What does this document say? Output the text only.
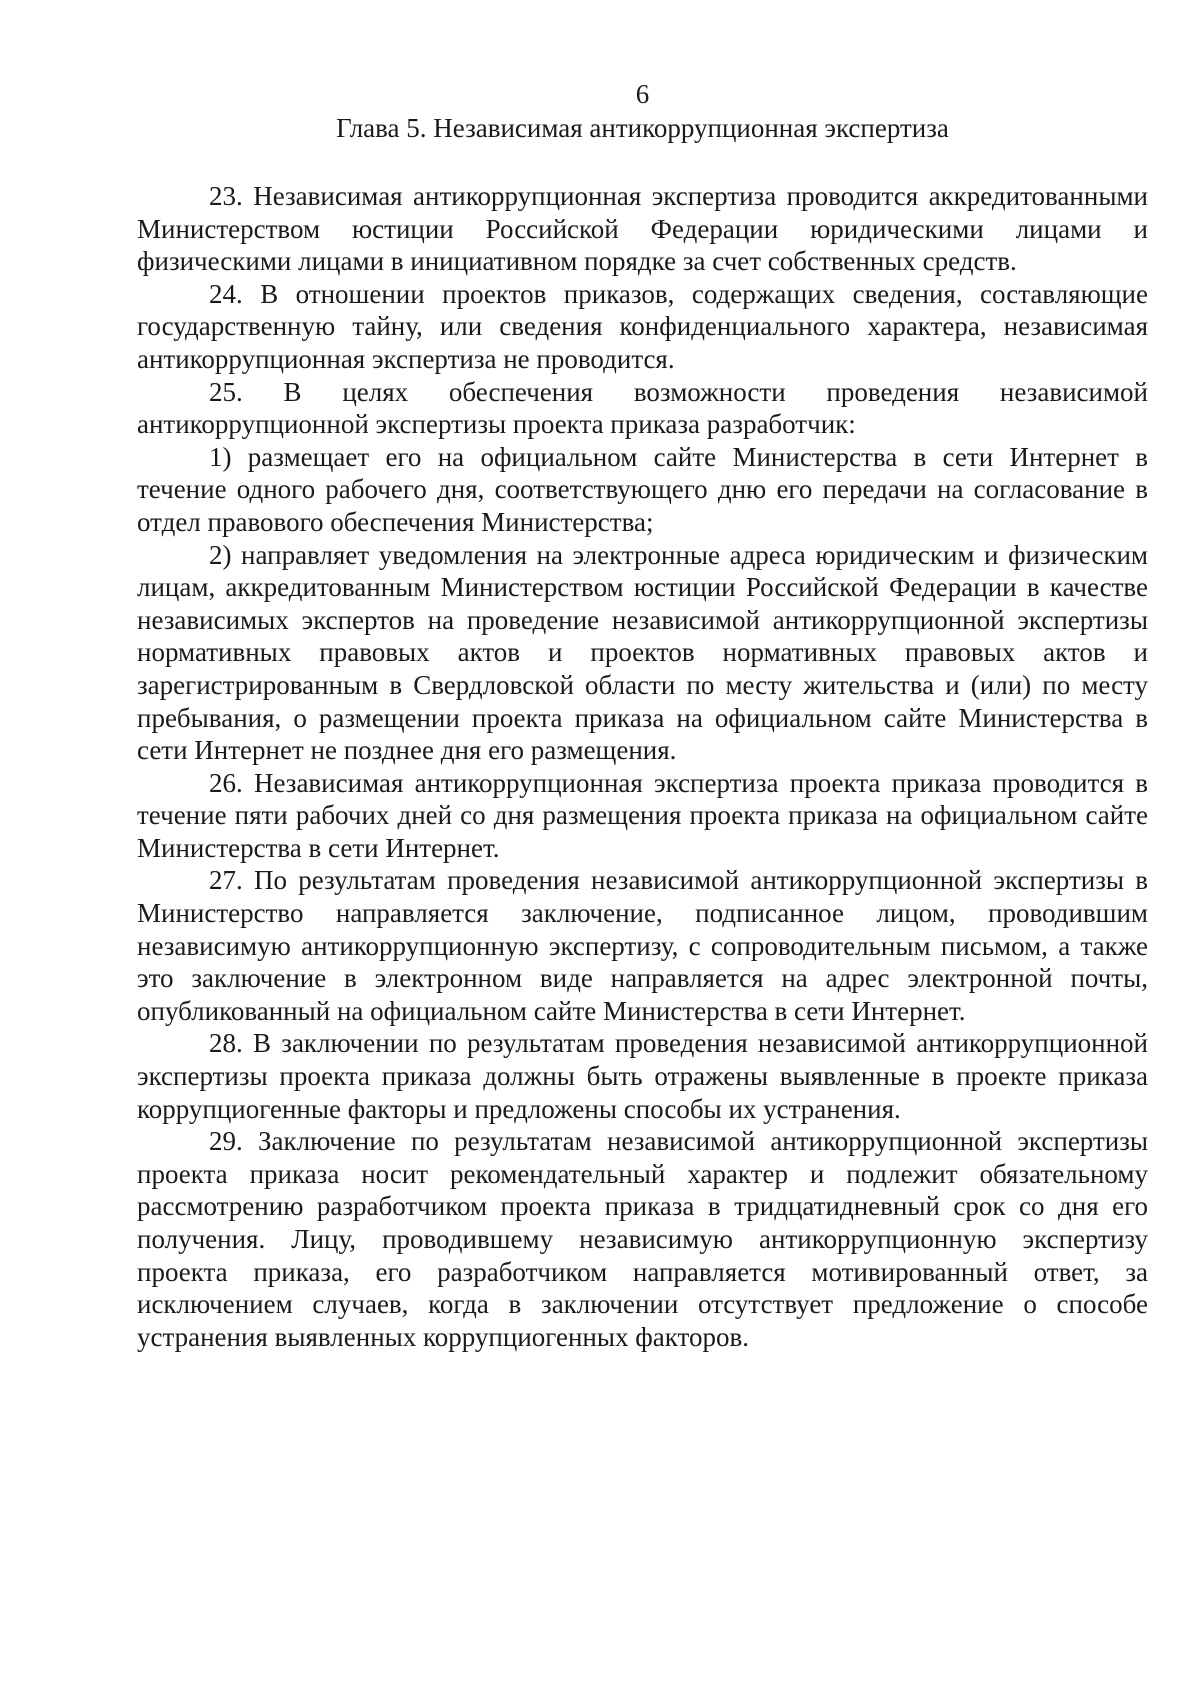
6
Глава 5. Независимая антикоррупционная экспертиза

23. Независимая антикоррупционная экспертиза проводится аккредитованными Министерством юстиции Российской Федерации юридическими лицами и физическими лицами в инициативном порядке за счет собственных средств.

24. В отношении проектов приказов, содержащих сведения, составляющие государственную тайну, или сведения конфиденциального характера, независимая антикоррупционная экспертиза не проводится.

25. В целях обеспечения возможности проведения независимой антикоррупционной экспертизы проекта приказа разработчик:

1) размещает его на официальном сайте Министерства в сети Интернет в течение одного рабочего дня, соответствующего дню его передачи на согласование в отдел правового обеспечения Министерства;

2) направляет уведомления на электронные адреса юридическим и физическим лицам, аккредитованным Министерством юстиции Российской Федерации в качестве независимых экспертов на проведение независимой антикоррупционной экспертизы нормативных правовых актов и проектов нормативных правовых актов и зарегистрированным в Свердловской области по месту жительства и (или) по месту пребывания, о размещении проекта приказа на официальном сайте Министерства в сети Интернет не позднее дня его размещения.

26. Независимая антикоррупционная экспертиза проекта приказа проводится в течение пяти рабочих дней со дня размещения проекта приказа на официальном сайте Министерства в сети Интернет.

27. По результатам проведения независимой антикоррупционной экспертизы в Министерство направляется заключение, подписанное лицом, проводившим независимую антикоррупционную экспертизу, с сопроводительным письмом, а также это заключение в электронном виде направляется на адрес электронной почты, опубликованный на официальном сайте Министерства в сети Интернет.

28. В заключении по результатам проведения независимой антикоррупционной экспертизы проекта приказа должны быть отражены выявленные в проекте приказа коррупциогенные факторы и предложены способы их устранения.

29. Заключение по результатам независимой антикоррупционной экспертизы проекта приказа носит рекомендательный характер и подлежит обязательному рассмотрению разработчиком проекта приказа в тридцатидневный срок со дня его получения. Лицу, проводившему независимую антикоррупционную экспертизу проекта приказа, его разработчиком направляется мотивированный ответ, за исключением случаев, когда в заключении отсутствует предложение о способе устранения выявленных коррупциогенных факторов.
